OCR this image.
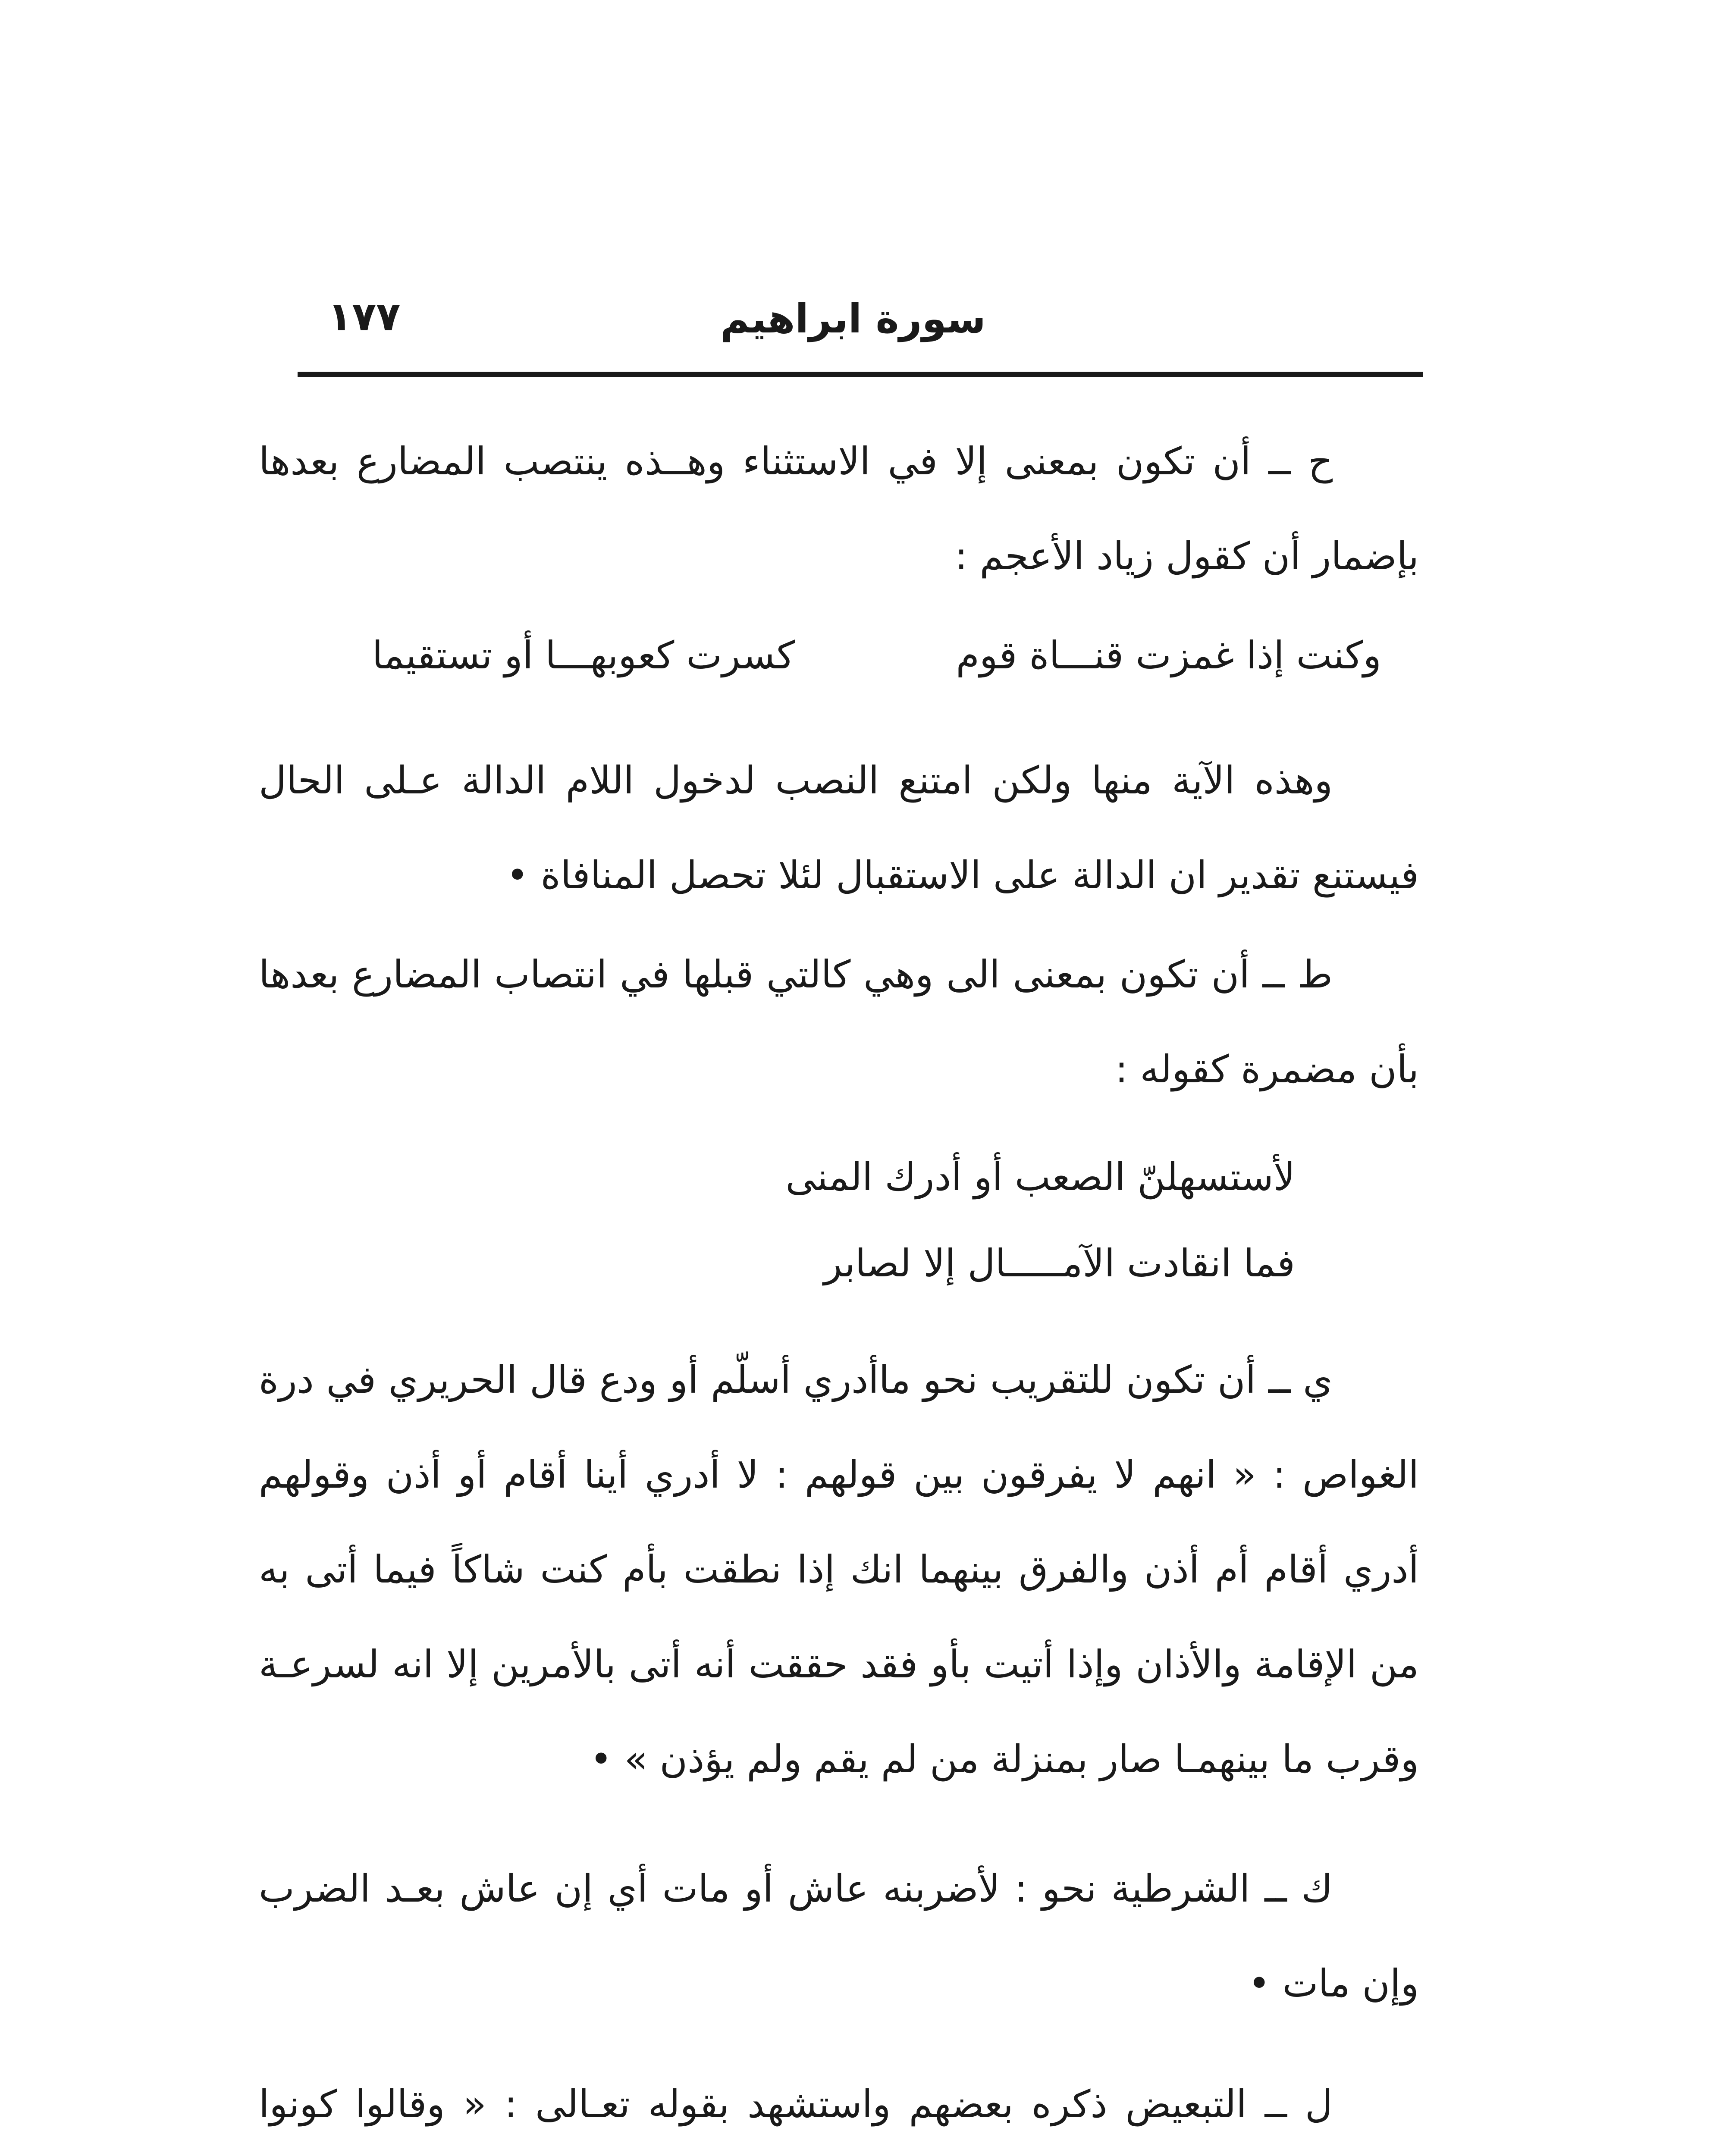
١٧٧	سورة ابراهيم

ح ــ أن تكون بمعنى إلا في الاستثناء وهــذه ينتصب المضارع بعدها بإضمار أن كقول زياد الأعجم :

وكنت إذا غمزت قنـــاة قوم
كسرت كعوبهـــا أو تستقيما

وهذه الآية منها ولكن امتنع النصب لدخول اللام الدالة عـلى الحال فيستنع تقدير ان الدالة على الاستقبال لئلا تحصل المنافاة •

ط ــ أن تكون بمعنى الى وهي كالتي قبلها في انتصاب المضارع بعدها بأن مضمرة كقوله :

لأستسهلنّ الصعب أو أدرك المنى
فما انقادت الآمـــــال إلا لصابر

ي ــ أن تكون للتقريب نحو ماأدري أسلّم أو ودع قال الحريري في درة الغواص : « انهم لا يفرقون بين قولهم : لا أدري أينا أقام أو أذن وقولهم أدري أقام أم أذن والفرق بينهما انك إذا نطقت بأم كنت شاكاً فيما أتى به من الإقامة والأذان وإذا أتيت بأو فقد حققت أنه أتى بالأمرين إلا انه لسرعـة وقرب ما بينهمـا صار بمنزلة من لم يقم ولم يؤذن » •

ك ــ الشرطية نحو : لأضربنه عاش أو مات أي إن عاش بعـد الضرب وإن مات •

ل ــ التبعيض ذكره بعضهم واستشهد بقوله تعـالى : « وقالوا كونوا
